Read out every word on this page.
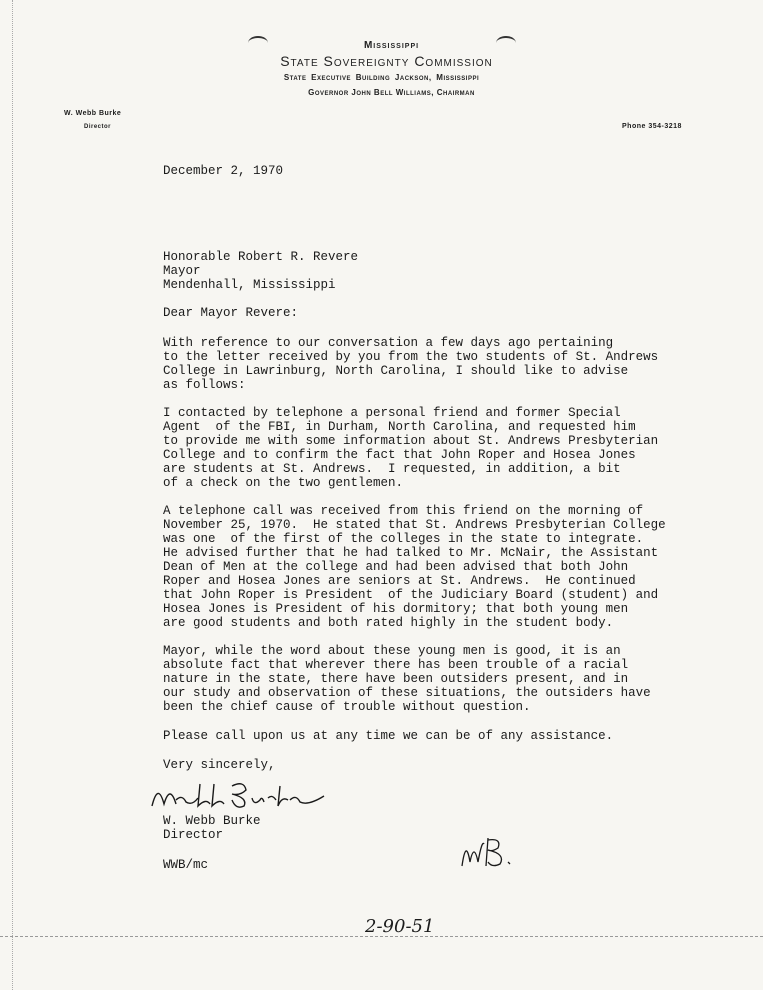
Mississippi
State Sovereignty Commission
State Executive Building Jackson, Mississippi
Governor John Bell Williams, Chairman
W. Webb Burke
Director	Phone 354-3218
December 2, 1970
Honorable Robert R. Revere
Mayor
Mendenhall, Mississippi
Dear Mayor Revere:
With reference to our conversation a few days ago pertaining
to the letter received by you from the two students of St. Andrews
College in Lawrinburg, North Carolina, I should like to advise
as follows:
I contacted by telephone a personal friend and former Special
Agent  of the FBI, in Durham, North Carolina, and requested him
to provide me with some information about St. Andrews Presbyterian
College and to confirm the fact that John Roper and Hosea Jones
are students at St. Andrews.  I requested, in addition, a bit
of a check on the two gentlemen.
A telephone call was received from this friend on the morning of
November 25, 1970.  He stated that St. Andrews Presbyterian College
was one  of the first of the colleges in the state to integrate.
He advised further that he had talked to Mr. McNair, the Assistant
Dean of Men at the college and had been advised that both John
Roper and Hosea Jones are seniors at St. Andrews.  He continued
that John Roper is President  of the Judiciary Board (student) and
Hosea Jones is President of his dormitory; that both young men
are good students and both rated highly in the student body.
Mayor, while the word about these young men is good, it is an
absolute fact that wherever there has been trouble of a racial
nature in the state, there have been outsiders present, and in
our study and observation of these situations, the outsiders have
been the chief cause of trouble without question.
Please call upon us at any time we can be of any assistance.
Very sincerely,
W. Webb Burke
Director
WWB/mc
2-90-51
